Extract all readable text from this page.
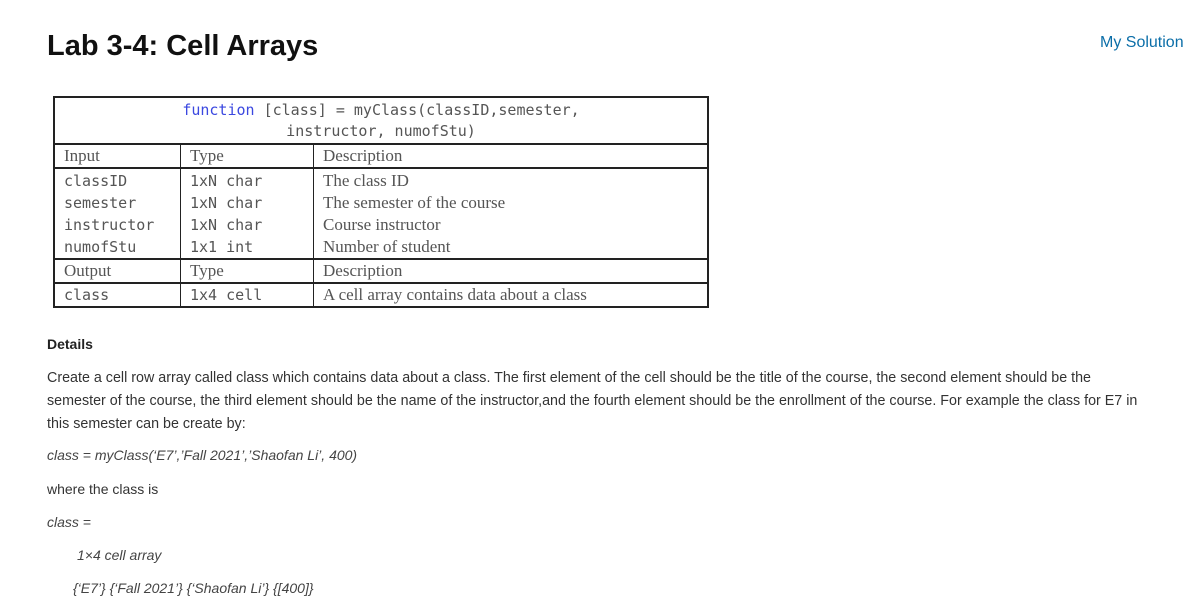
Lab 3-4: Cell Arrays	My Solution
function [class] = myClass(classID,semester,
instructor, numofStu)		

Input	Type	Description
classID	1xN char	The class ID
semester	1xN char	The semester of the course
instructor	1xN char	Course instructor
numofStu	1x1 int	Number of student
Output	Type	Description
class	1x4 cell	A cell array contains data about a class
Details

Create a cell row array called class which contains data about a class. The first element of the cell should be the title of the course, the second element should be the semester of the course, the third element should be the name of the instructor,and the fourth element should be the enrollment of the course. For example the class for E7 in this semester can be create by:

class = myClass(‘E7’,’Fall 2021’,’Shaofan Li’, 400)

where the class is

class =

1×4 cell array

{‘E7’} {‘Fall 2021’} {‘Shaofan Li’} {[400]}
